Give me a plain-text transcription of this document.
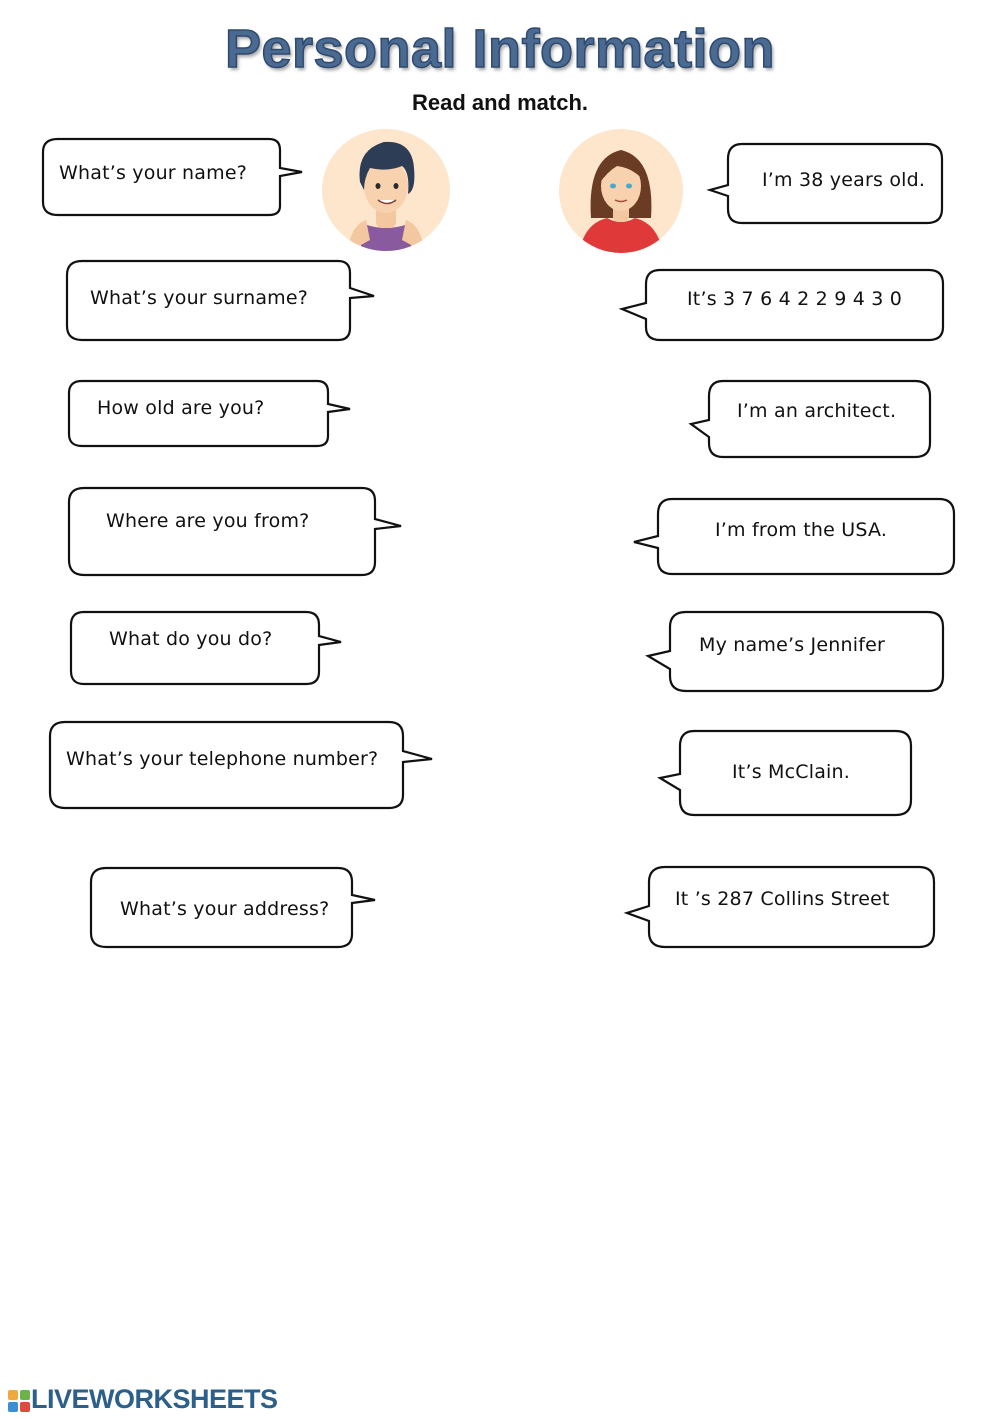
Personal Information
Read and match.
What’s your name?
What’s your surname?
How old are you?
Where are you from?
What do you do?
What’s your telephone number?
What’s your address?
I’m 38 years old.
It’s 3 7 6 4 2 2 9 4 3 0
I’m an architect.
I’m from the USA.
My name’s Jennifer
It’s McClain.
It ’s 287 Collins Street
LIVEWORKSHEETS
